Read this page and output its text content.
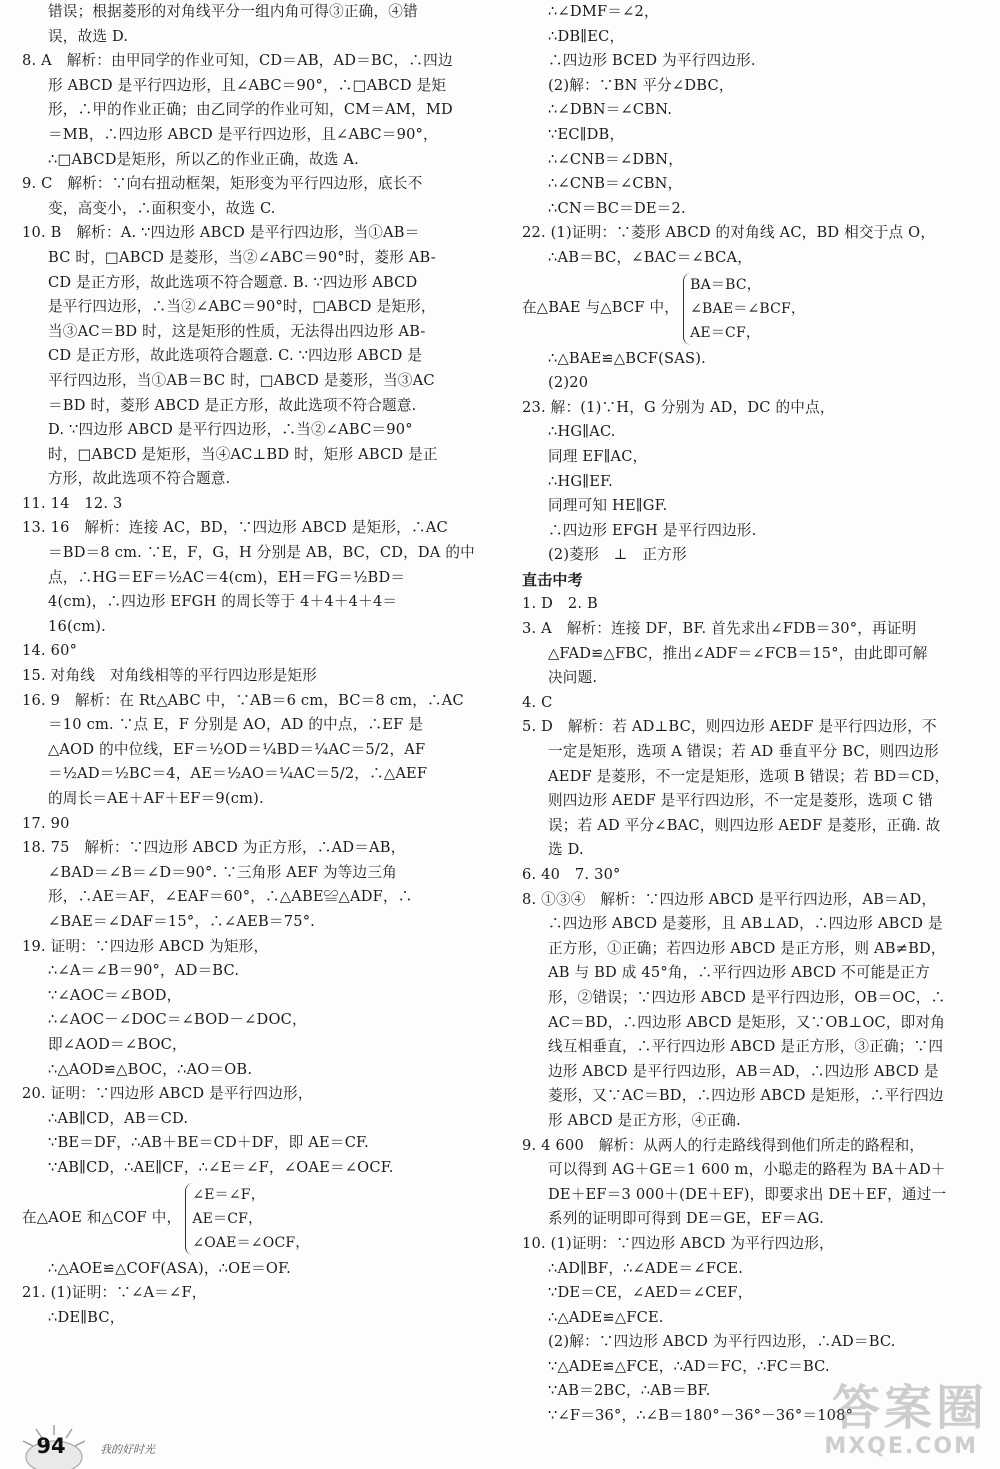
错误；根据菱形的对角线平分一组内角可得③正确，④错

误，故选 D.

8. A　解析：由甲同学的作业可知，CD＝AB，AD＝BC，∴四边

形 ABCD 是平行四边形，且∠ABC＝90°，∴□ABCD 是矩

形，∴甲的作业正确；由乙同学的作业可知，CM＝AM，MD

＝MB，∴四边形 ABCD 是平行四边形，且∠ABC＝90°，

∴□ABCD是矩形，所以乙的作业正确，故选 A.

9. C　解析：∵向右扭动框架，矩形变为平行四边形，底长不

变，高变小，∴面积变小，故选 C.

10. B　解析：A. ∵四边形 ABCD 是平行四边形，当①AB＝

BC 时，□ABCD 是菱形，当②∠ABC＝90°时，菱形 AB-

CD 是正方形，故此选项不符合题意. B. ∵四边形 ABCD

是平行四边形，∴当②∠ABC＝90°时，□ABCD 是矩形，

当③AC＝BD 时，这是矩形的性质，无法得出四边形 AB-

CD 是正方形，故此选项符合题意. C. ∵四边形 ABCD 是

平行四边形，当①AB＝BC 时，□ABCD 是菱形，当③AC

＝BD 时，菱形 ABCD 是正方形，故此选项不符合题意.

D. ∵四边形 ABCD 是平行四边形，∴当②∠ABC＝90°

时，□ABCD 是矩形，当④AC⊥BD 时，矩形 ABCD 是正

方形，故此选项不符合题意.

11. 14　12. 3

13. 16　解析：连接 AC，BD，∵四边形 ABCD 是矩形，∴AC

＝BD＝8 cm. ∵E，F，G，H 分别是 AB，BC，CD，DA 的中

点，∴HG＝EF＝½AC＝4(cm)，EH＝FG＝½BD＝

4(cm)，∴四边形 EFGH 的周长等于 4＋4＋4＋4＝

16(cm).

14. 60°

15. 对角线　对角线相等的平行四边形是矩形

16. 9　解析：在 Rt△ABC 中，∵AB＝6 cm，BC＝8 cm，∴AC

＝10 cm. ∵点 E，F 分别是 AO，AD 的中点，∴EF 是

△AOD 的中位线，EF＝½OD＝¼BD＝¼AC＝5/2，AF

＝½AD＝½BC＝4，AE＝½AO＝¼AC＝5/2，∴△AEF

的周长＝AE＋AF＋EF＝9(cm).

17. 90

18. 75　解析：∵四边形 ABCD 为正方形，∴AD＝AB，

∠BAD＝∠B＝∠D＝90°. ∵三角形 AEF 为等边三角

形，∴AE＝AF，∠EAF＝60°，∴△ABE≌△ADF，∴

∠BAE＝∠DAF＝15°，∴∠AEB＝75°.

19. 证明：∵四边形 ABCD 为矩形，

∴∠A＝∠B＝90°，AD＝BC.

∵∠AOC＝∠BOD，

∴∠AOC－∠DOC＝∠BOD－∠DOC，

即∠AOD＝∠BOC，

∴△AOD≌△BOC，∴AO＝OB.

20. 证明：∵四边形 ABCD 是平行四边形，

∴AB∥CD，AB＝CD.

∵BE＝DF，∴AB＋BE＝CD＋DF，即 AE＝CF.

∵AB∥CD，∴AE∥CF，∴∠E＝∠F，∠OAE＝∠OCF.

在△AOE 和△COF 中，
∠E＝∠F，
AE＝CF，
∠OAE＝∠OCF，

∴△AOE≌△COF(ASA)，∴OE＝OF.

21. (1)证明：∵∠A＝∠F，

∴DE∥BC，

∴∠DMF＝∠2，

∴DB∥EC，

∴四边形 BCED 为平行四边形.

(2)解：∵BN 平分∠DBC，

∴∠DBN＝∠CBN.

∵EC∥DB，

∴∠CNB＝∠DBN，

∴∠CNB＝∠CBN，

∴CN＝BC＝DE＝2.

22. (1)证明：∵菱形 ABCD 的对角线 AC，BD 相交于点 O，

∴AB＝BC，∠BAC＝∠BCA，

在△BAE 与△BCF 中，
BA＝BC，
∠BAE＝∠BCF，
AE＝CF，

∴△BAE≌△BCF(SAS).

(2)20

23. 解：(1)∵H，G 分别为 AD，DC 的中点，

∴HG∥AC.

同理 EF∥AC，

∴HG∥EF.

同理可知 HE∥GF.

∴四边形 EFGH 是平行四边形.

(2)菱形　⊥　正方形

直击中考

1. D　2. B

3. A　解析：连接 DF，BF. 首先求出∠FDB＝30°，再证明

△FAD≌△FBC，推出∠ADF＝∠FCB＝15°，由此即可解

决问题.

4. C

5. D　解析：若 AD⊥BC，则四边形 AEDF 是平行四边形，不

一定是矩形，选项 A 错误；若 AD 垂直平分 BC，则四边形

AEDF 是菱形，不一定是矩形，选项 B 错误；若 BD＝CD，

则四边形 AEDF 是平行四边形，不一定是菱形，选项 C 错

误；若 AD 平分∠BAC，则四边形 AEDF 是菱形，正确. 故

选 D.

6. 40　7. 30°

8. ①③④　解析：∵四边形 ABCD 是平行四边形，AB＝AD，

∴四边形 ABCD 是菱形，且 AB⊥AD，∴四边形 ABCD 是

正方形，①正确；若四边形 ABCD 是正方形，则 AB≠BD，

AB 与 BD 成 45°角，∴平行四边形 ABCD 不可能是正方

形，②错误；∵四边形 ABCD 是平行四边形，OB＝OC，∴

AC＝BD，∴四边形 ABCD 是矩形，又∵OB⊥OC，即对角

线互相垂直，∴平行四边形 ABCD 是正方形，③正确；∵四

边形 ABCD 是平行四边形，AB＝AD，∴四边形 ABCD 是

菱形，又∵AC＝BD，∴四边形 ABCD 是矩形，∴平行四边

形 ABCD 是正方形，④正确.

9. 4 600　解析：从两人的行走路线得到他们所走的路程和，

可以得到 AG＋GE＝1 600 m，小聪走的路程为 BA＋AD＋

DE＋EF＝3 000＋(DE＋EF)，即要求出 DE＋EF，通过一

系列的证明即可得到 DE＝GE，EF＝AG.

10. (1)证明：∵四边形 ABCD 为平行四边形，

∴AD∥BF，∴∠ADE＝∠FCE.

∵DE＝CE，∠AED＝∠CEF，

∴△ADE≌△FCE.

(2)解：∵四边形 ABCD 为平行四边形，∴AD＝BC.

∵△ADE≌△FCE，∴AD＝FC，∴FC＝BC.

∵AB＝2BC，∴AB＝BF.

∵∠F＝36°，∴∠B＝180°－36°－36°＝108°

94	我的好时光
答案圈
MXQE.COM
